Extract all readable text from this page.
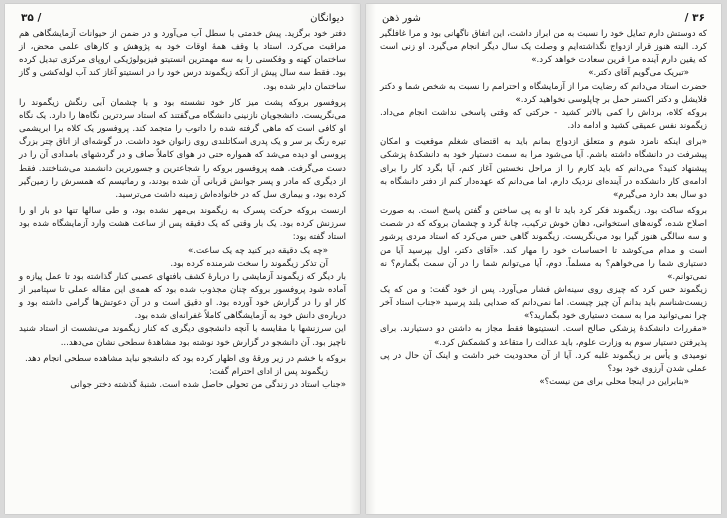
دیوانگان
/ ۳۵

دفتر خود برگزید. پیش خدمتی با سطل آب می‌آورد و در ضمن از حیوانات آزمایشگاهی هم مراقبت می‌کرد. استاد با وقف همهٔ اوقات خود به پژوهش و کارهای علمی محض، از ساختمان کهنه و وفکسنی را به سه مهمترین انستیتو فیزیولوژیکی اروپای مرکزی تبدیل کرده بود. فقط سه سال پیش از آنکه زیگموند درس خود را در انستیتو آغاز کند آب لوله‌کشی و گاز ساختمان دایر شده بود.

پروفسور بروکه پشت میز کار خود نشسته بود و با چشمان آبی رنگش زیگموند را می‌نگریست. دانشجویان نازنینی دانشگاه می‌گفتند که استاد سردترین نگاه‌ها را دارد. یک نگاه او کافی است که ماهی گرفته شده را داتوب را متجمد کند. پروفسور یک کلاه برا ابریشمی تیره رنگ بر سر و یک پدری اسکاتلندی روی زانوان خود داشت. در گوشه‌ای از اتاق چتر بزرگ پروسی او دیده می‌شد که همواره حتی در هوای کاملاً صاف و در گردشهای بامدادی آن را در دست می‌گرفت. همه پروفسور بروکه را شجاعترین و جسورترین دانشمند می‌شناختند. فقط از دیگری که مادر و پسر جوانش قربانی آن شده بودند، و رماتیسم که همسرش را زمین‌گیر کرده بود، و بیماری سل که در خانواده‌اش زمینه داشت می‌ترسید.

ارنست بروکه حرکت پسرک به زیگموند بی‌مهر نشده بود، و طی سالها تنها دو بار او را سرزنش کرده بود. یک بار وقتی که یک دقیقه پس از ساعت هشت وارد آزمایشگاه شده بود استاد گفته بود:

«چه یک دقیقه دیر کنید چه یک ساعت.»

آن تذکر زیگموند را سخت شرمنده کرده بود.

بار دیگر که زیگموند آزمایشی را دربارهٔ کشف بافتهای عصبی کنار گذاشته بود تا عمل پیازه و آماده شود پروفسور بروکه چنان مجذوب شده بود که همه‌ی این مقاله عملی تا سپتامبر از کار او را در گزارش خود آورده بود. او دقیق است و در آن دعوتش‌ها گرامی داشته بود و درباره‌ی دانش خود به آزمایشگاهی کاملاً غفرانه‌ای شده بود.

این سرزنشها با مقایسه با آنچه دانشجوی دیگری که کنار زیگموند می‌نشست از استاد شنید ناچیز بود. آن دانشجو در گزارش خود نوشته بود مشاهدهٔ سطحی نشان می‌دهد...

بروکه با خشم در زیر ورقهٔ وی اظهار کرده بود که دانشجو نباید مشاهده سطحی انجام دهد.

زیگموند پس از ادای احترام گفت:

«جناب استاد در زندگی من تحولی حاصل شده است. شنبهٔ گذشته دختر جوانی

۳۶ /
شور ذهن

که دوستش دارم تمایل خود را نسبت به من ابراز داشت، این اتفاق ناگهانی بود و مرا غافلگیر کرد. البته هنوز قرار ازدواج نگذاشته‌ایم و وصلت یک سال دیگر انجام می‌گیرد. او زنی است که یقین دارم آینده مرا قرین سعادت خواهد کرد.»

«تبریک می‌گویم آقای دکتر.»

حضرت استاد می‌دانم که رضایت مرا از آزمایشگاه و احترامم را نسبت به شخص شما و دکتر فلایشل و دکتر اکسنر حمل بر چاپلوسی نخواهید کرد.»

بروکه کلاه، برداش را کمی بالاتر کشید - حرکتی که وقتی پاسخی نداشت انجام می‌داد. زیگموند نفس عمیقی کشید و ادامه داد.

«برای اینکه نامزد شوم و متعلق ازدواج بمانم باید به اقتضای شغلم موقعیت و امکان پیشرفت در دانشگاه داشته باشم. آیا می‌شود مرا به سمت دستیار خود به دانشکدهٔ پزشکی پیشنهاد کنید؟ می‌دانم که باید کارم را از مراحل نخستین آغاز کنم، آیا بگرد کار را برای ادامه‌ی کار دانشکده در آینده‌ای نزدیک دارم، اما می‌دانم که عهده‌دار کنم از دفتر دانشگاه به دو سال بعد دارد می‌گیرم»

بروکه ساکت بود. زیگموند فکر کرد باید تا او به پی ساختن و گفتن پاسخ است. به صورت اصلاح شده، گونه‌های استخوانی، دهان خوش ترکیب، چانهٔ گرد و چشمان بروکه که در شصت و سه سالگی هنوز گیرا بود می‌نگریست. زیگموند گاهی حس می‌کرد که استاد مردی پرشور است و مدام می‌کوشد تا احساسات خود را مهار کند. «آقای دکتر، اول بپرسید آیا من دستیاری شما را می‌خواهم؟ به مسلماً. دوم، آیا می‌توانم شما را در آن سمت بگمارم؟ نه نمی‌توانم.»

زیگموند حس کرد که چیزی روی سینه‌اش فشار می‌آورد. پس از خود گفت: و من که یک زیست‌شناسم باید بدانم آن چیز چیست. اما نمی‌دانم که صدایی بلند پرسید «جناب استاد آخر چرا نمی‌توانید مرا به سمت دستیاری خود بگمارید؟»

«مقررات دانشکدهٔ پزشکی صالح است. انستیتوها فقط مجاز به داشتن دو دستیارند. برای پذیرفتن دستیار سوم به وزارت علوم، باید عدالت را متقاعد و کشمکش کرد.»

نومیدی و یأس بر زیگموند غلبه کرد. آیا از آن محدودیت خبر داشت و اینک آن حال در پی عملی شدن آرزوی خود بود؟

«بنابراین در اینجا محلی برای من نیست؟»
